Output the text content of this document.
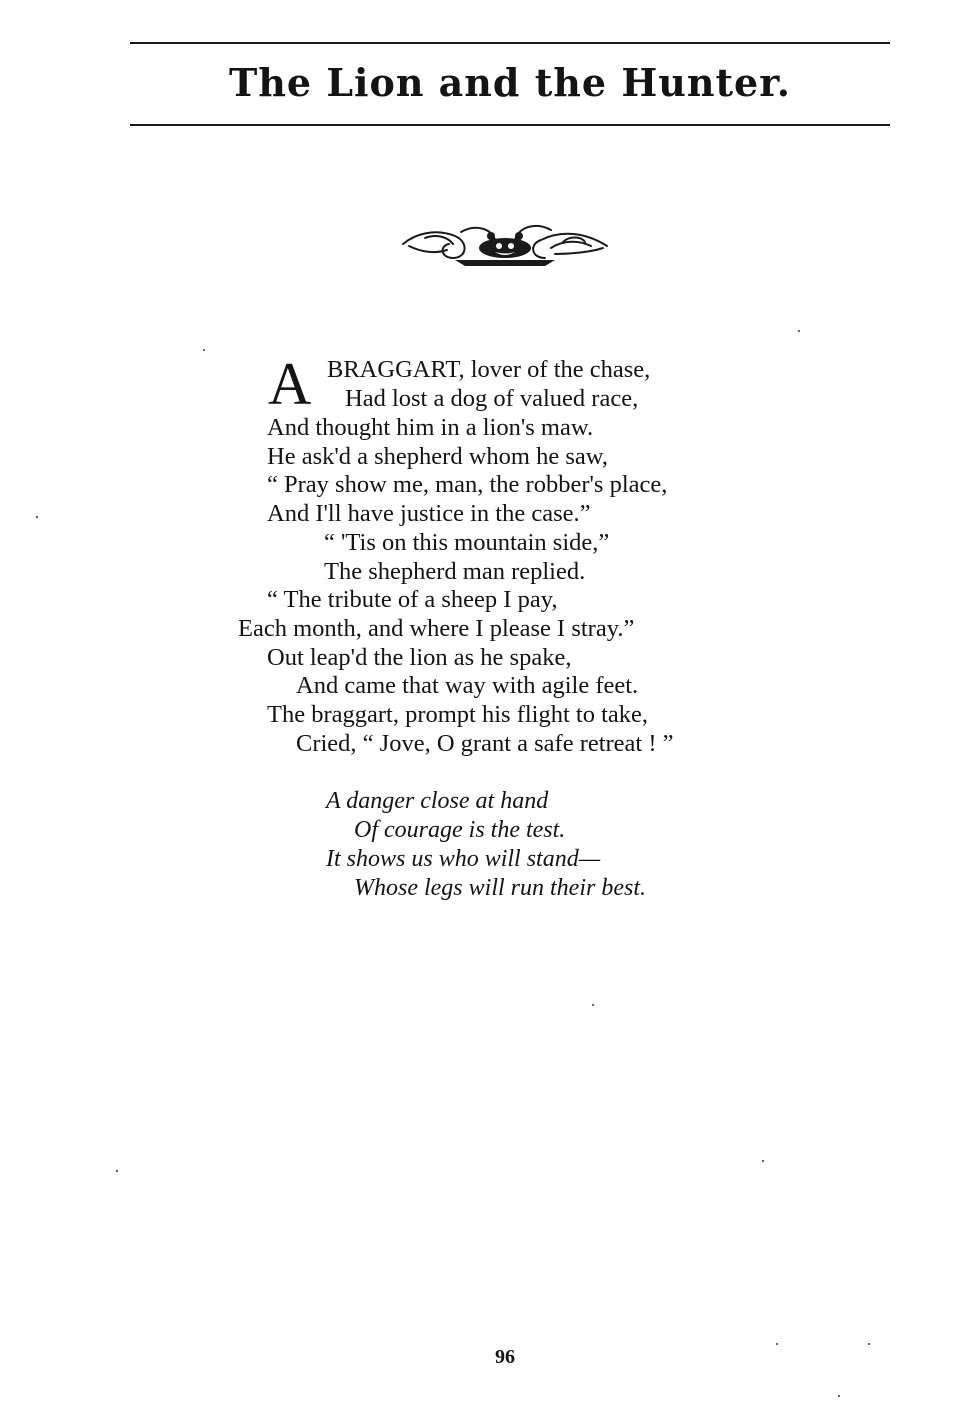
The Lion and the Hunter.
A BRAGGART, lover of the chase,
Had lost a dog of valued race,
And thought him in a lion's maw.
He ask'd a shepherd whom he saw,
“ Pray show me, man, the robber's place,
And I'll have justice in the case.”
“ 'Tis on this mountain side,”
The shepherd man replied.
“ The tribute of a sheep I pay,
Each month, and where I please I stray.”
Out leap'd the lion as he spake,
And came that way with agile feet.
The braggart, prompt his flight to take,
Cried, “ Jove, O grant a safe retreat ! ”
A danger close at hand
Of courage is the test.
It shows us who will stand—
Whose legs will run their best.
96
